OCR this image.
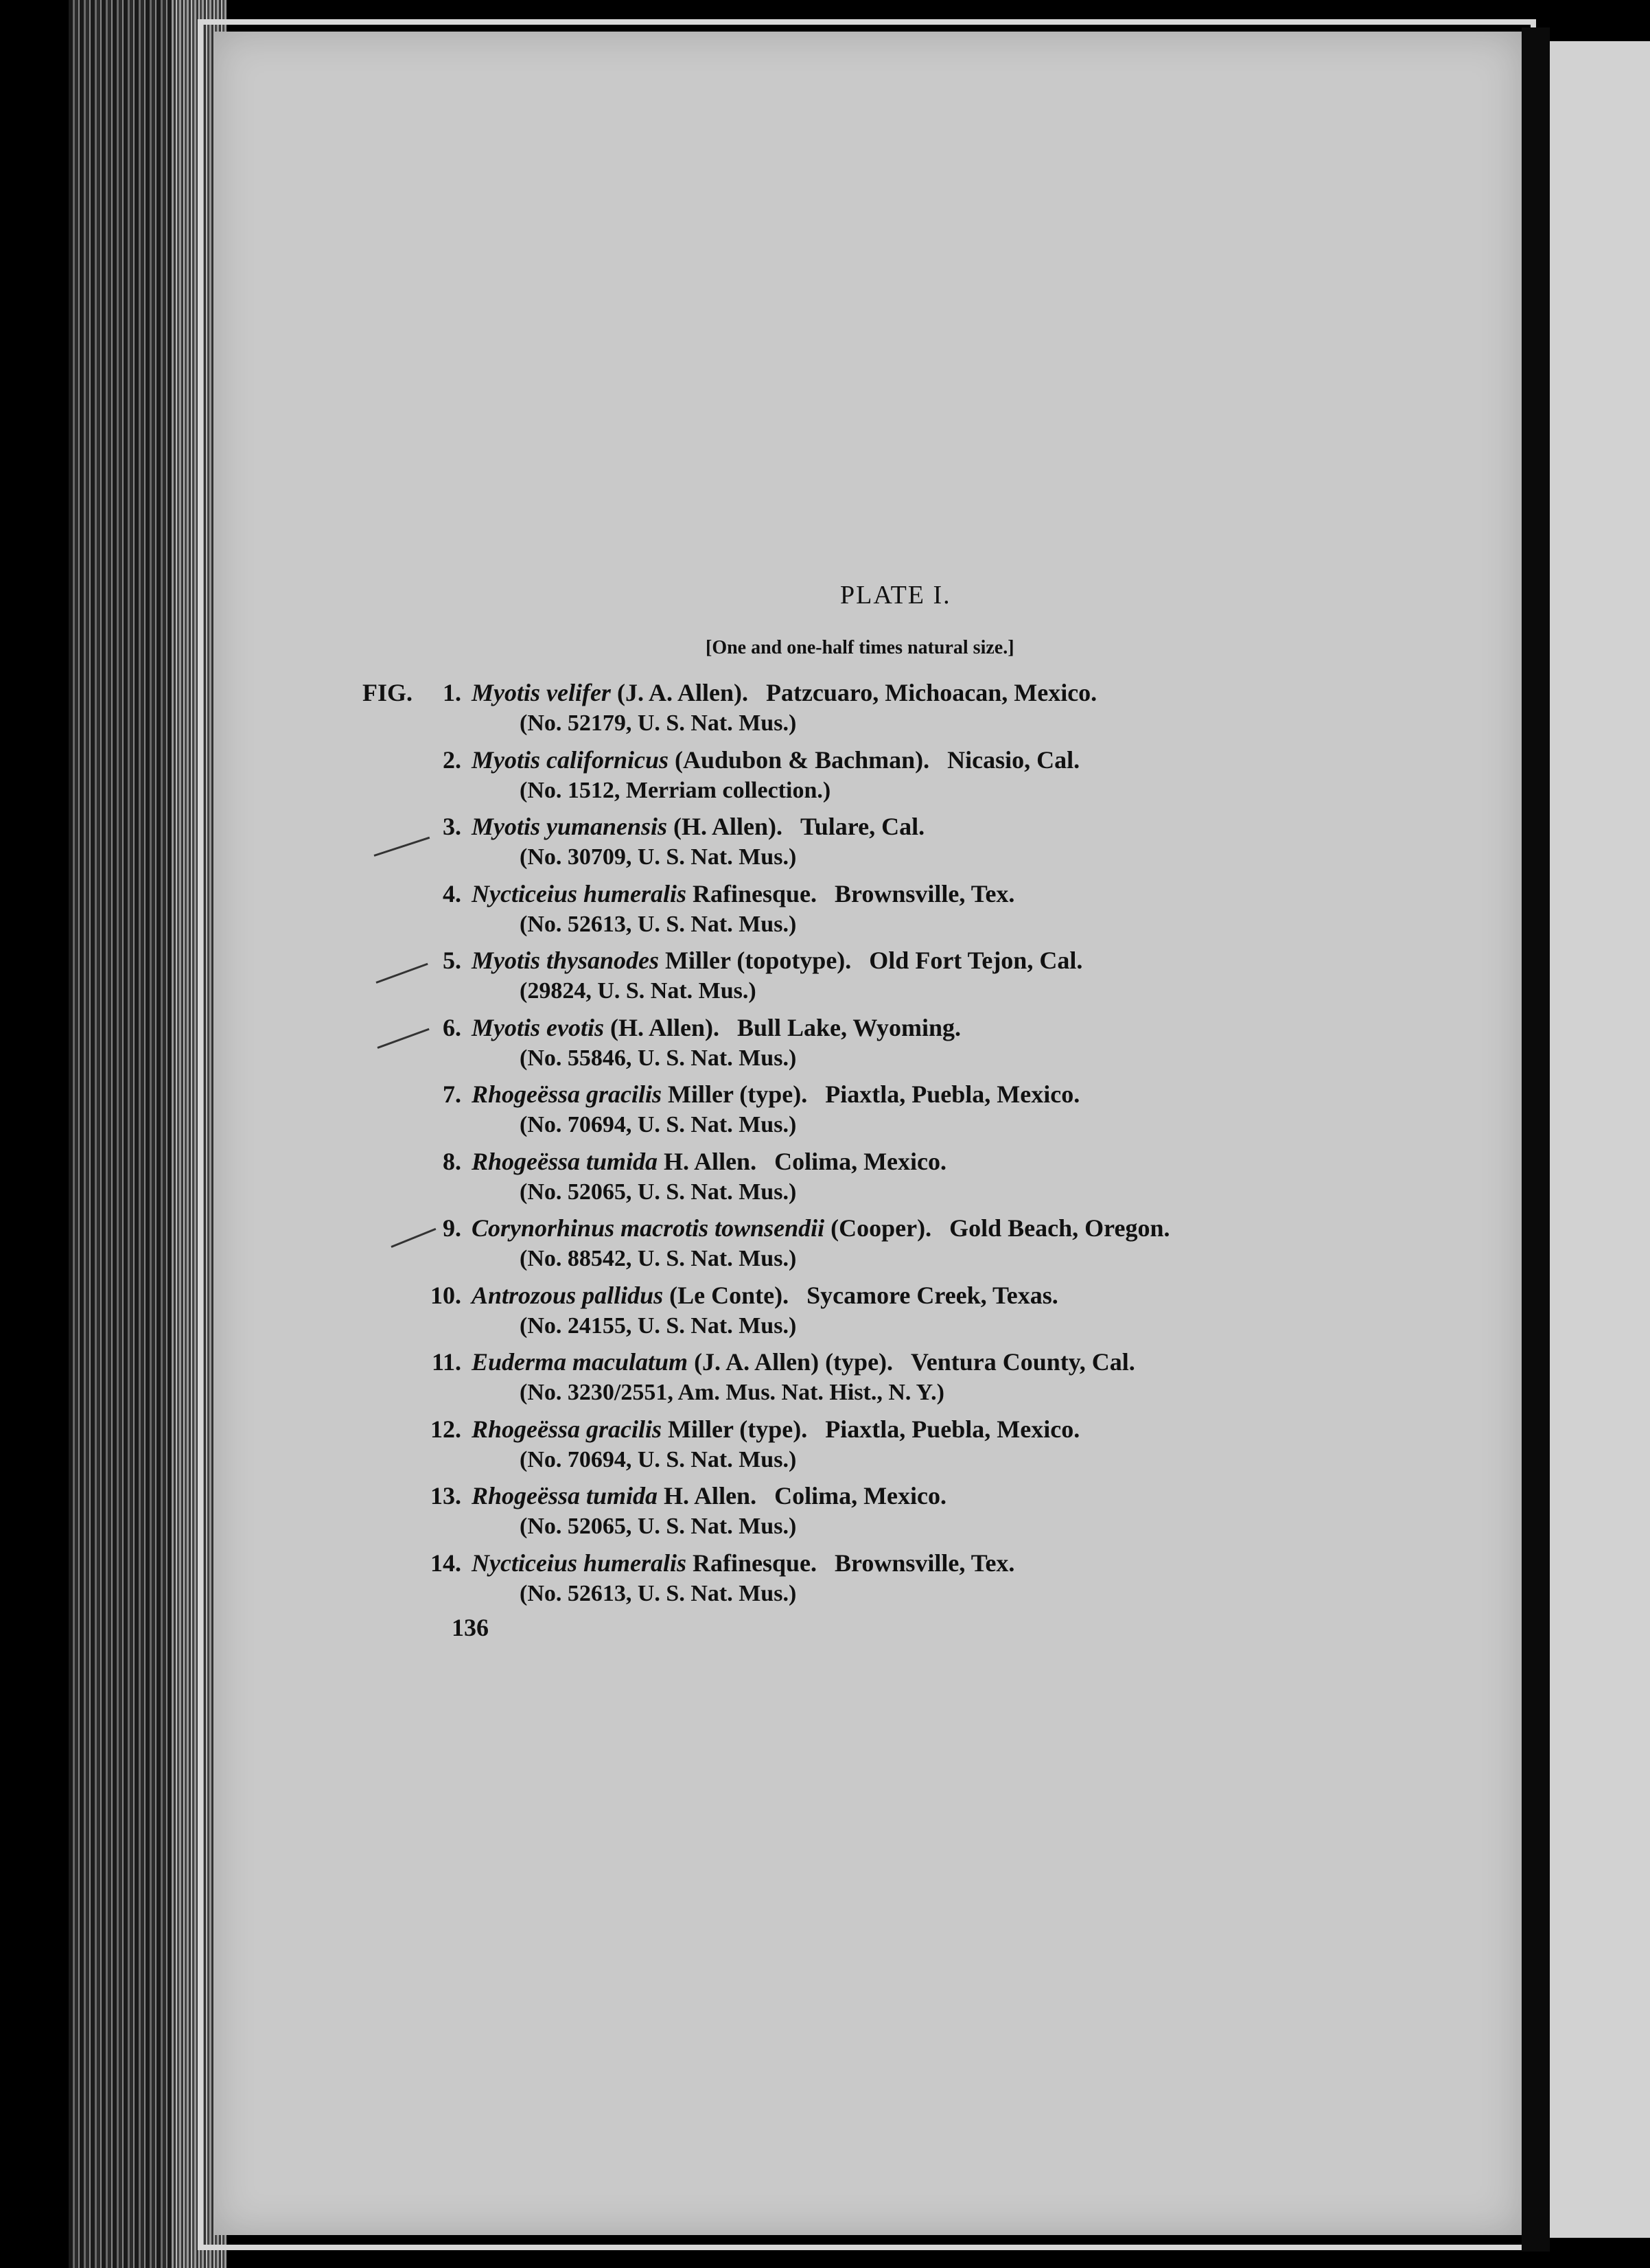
PLATE I.
[One and one-half times natural size.]
FIG.	1. Myotis velifer (J. A. Allen). Patzcuaro, Michoacan, Mexico.
(No. 52179, U. S. Nat. Mus.)
2. Myotis californicus (Audubon & Bachman). Nicasio, Cal.
(No. 1512, Merriam collection.)
3. Myotis yumanensis (H. Allen). Tulare, Cal.
(No. 30709, U. S. Nat. Mus.)
4. Nycticeius humeralis Rafinesque. Brownsville, Tex.
(No. 52613, U. S. Nat. Mus.)
5. Myotis thysanodes Miller (topotype). Old Fort Tejon, Cal.
(29824, U. S. Nat. Mus.)
6. Myotis evotis (H. Allen). Bull Lake, Wyoming.
(No. 55846, U. S. Nat. Mus.)
7. Rhogeëssa gracilis Miller (type). Piaxtla, Puebla, Mexico.
(No. 70694, U. S. Nat. Mus.)
8. Rhogeëssa tumida H. Allen. Colima, Mexico.
(No. 52065, U. S. Nat. Mus.)
9. Corynorhinus macrotis townsendii (Cooper). Gold Beach, Oregon.
(No. 88542, U. S. Nat. Mus.)
10. Antrozous pallidus (Le Conte). Sycamore Creek, Texas.
(No. 24155, U. S. Nat. Mus.)
11. Euderma maculatum (J. A. Allen) (type). Ventura County, Cal.
(No. 3230/2551, Am. Mus. Nat. Hist., N. Y.)
12. Rhogeëssa gracilis Miller (type). Piaxtla, Puebla, Mexico.
(No. 70694, U. S. Nat. Mus.)
13. Rhogeëssa tumida H. Allen. Colima, Mexico.
(No. 52065, U. S. Nat. Mus.)
14. Nycticeius humeralis Rafinesque. Brownsville, Tex.
(No. 52613, U. S. Nat. Mus.)
136
